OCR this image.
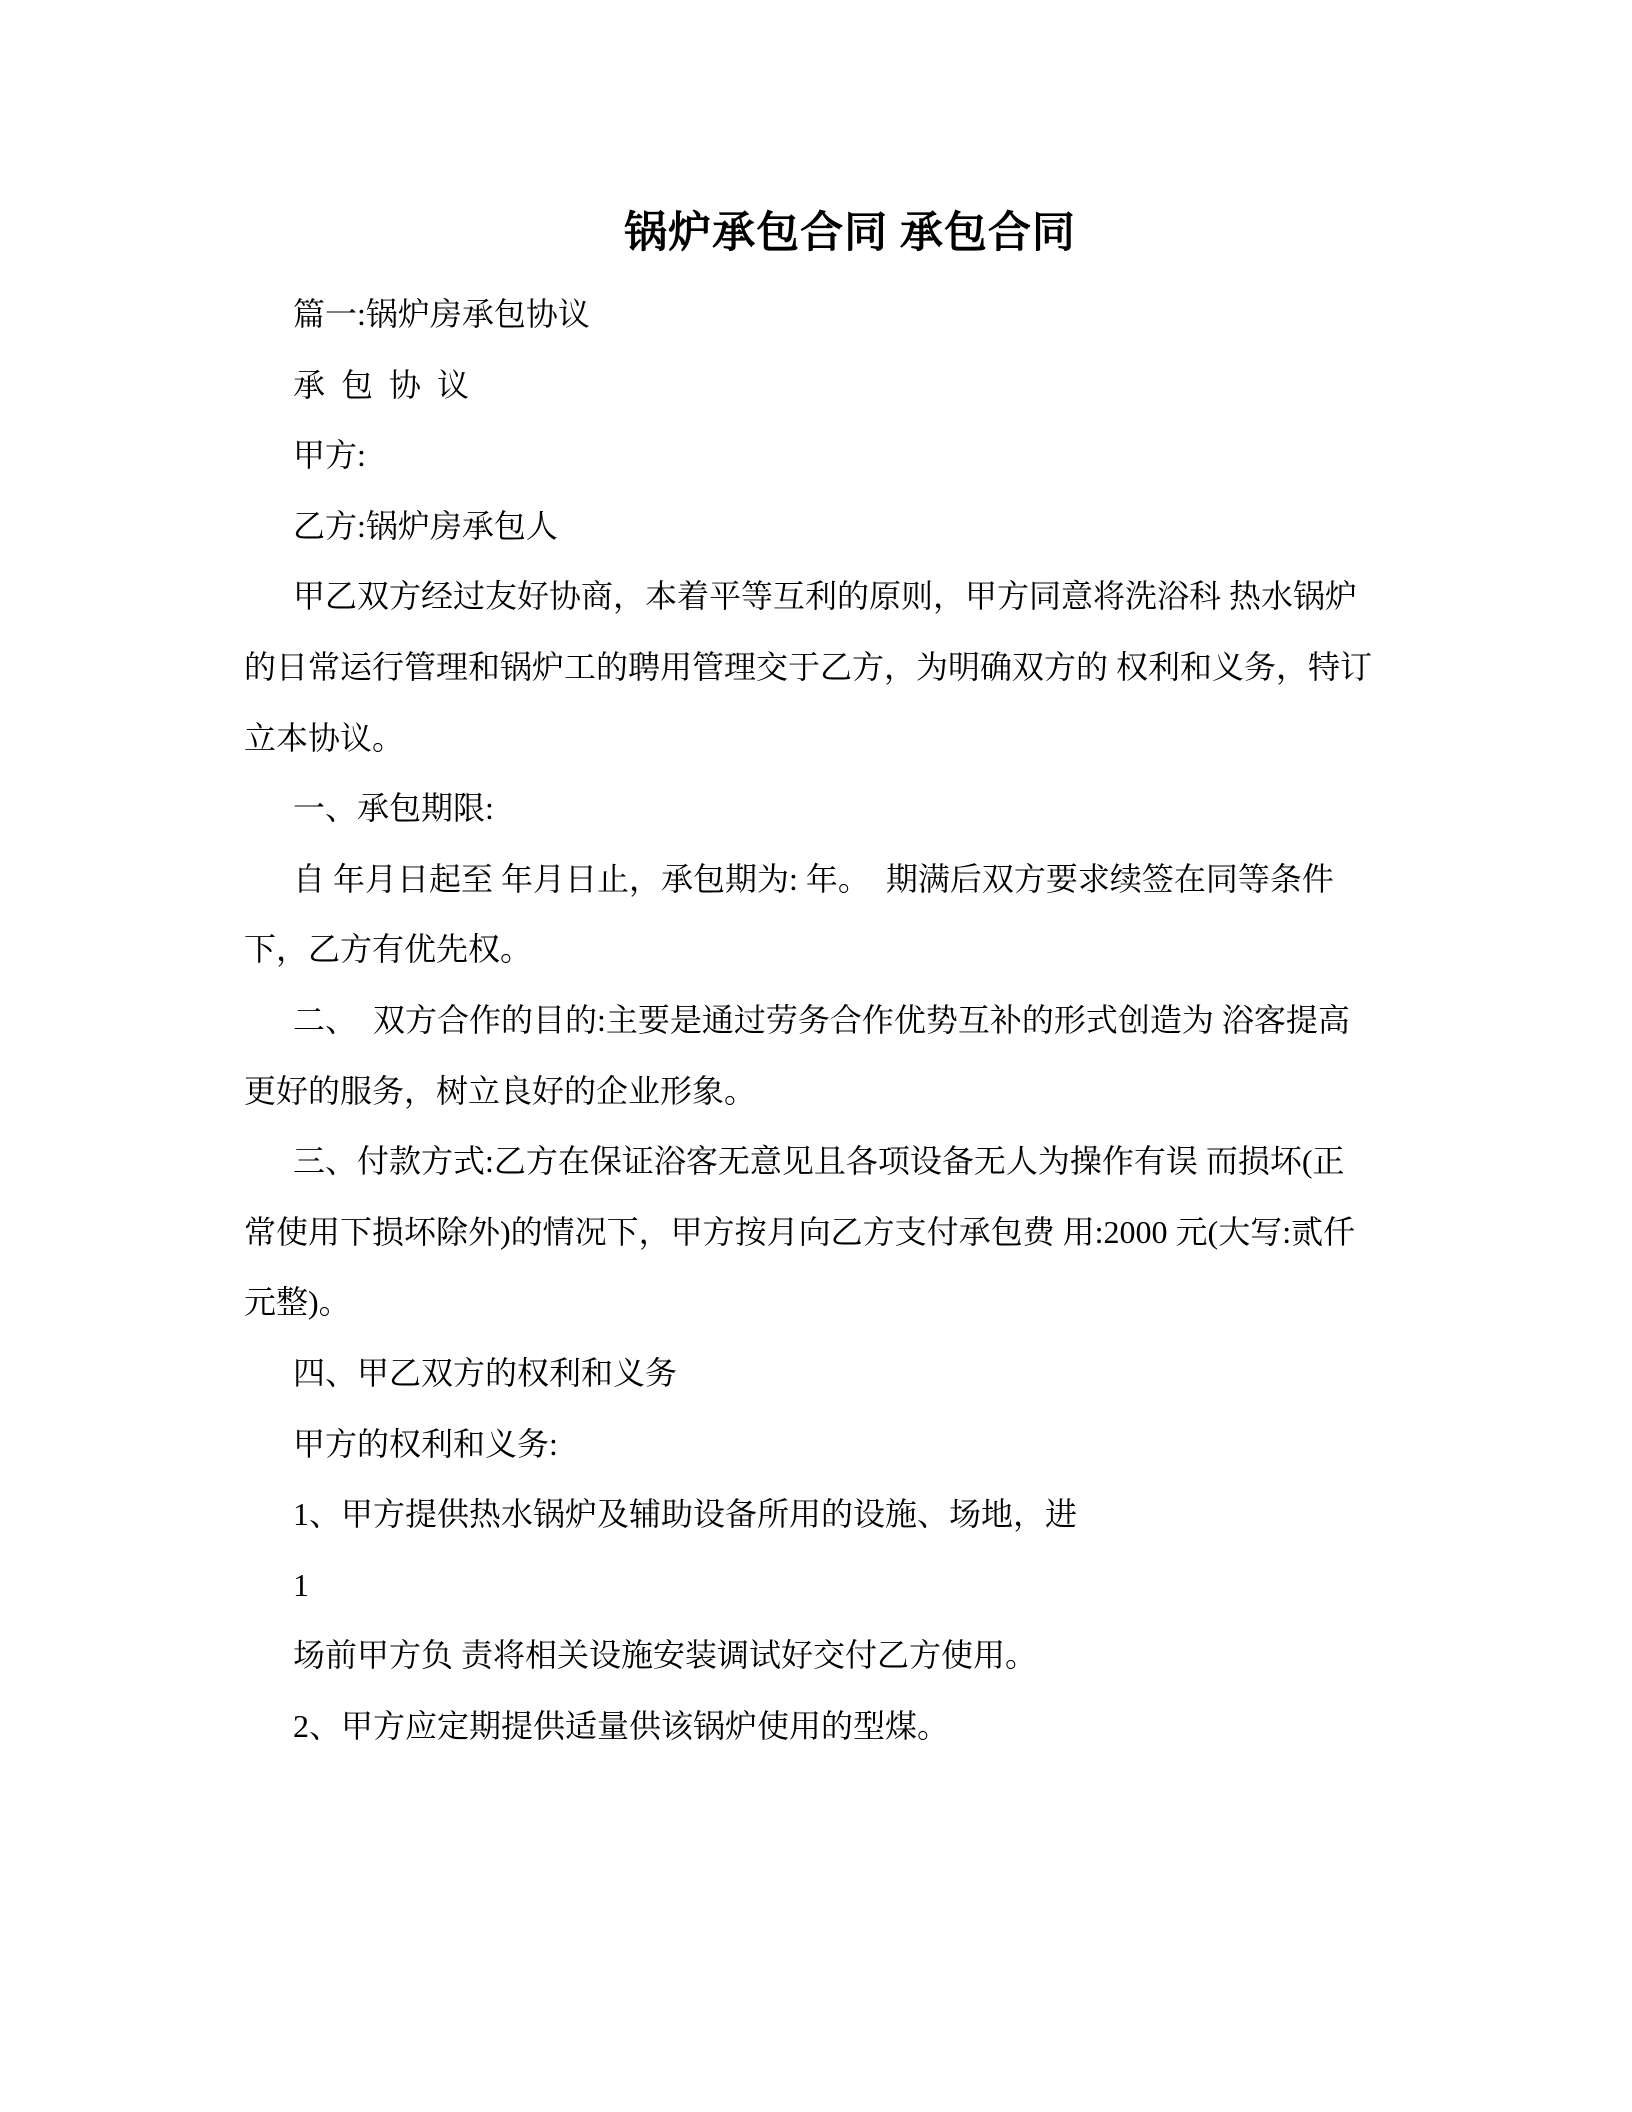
锅炉承包合同 承包合同
篇一:锅炉房承包协议
承  包  协  议
甲方:
乙方:锅炉房承包人
甲乙双方经过友好协商，本着平等互利的原则，甲方同意将洗浴科 热水锅炉
的日常运行管理和锅炉工的聘用管理交于乙方，为明确双方的 权利和义务，特订
立本协议。
一、承包期限:
自 年月日起至 年月日止，承包期为: 年。  期满后双方要求续签在同等条件
下，乙方有优先权。
二、  双方合作的目的:主要是通过劳务合作优势互补的形式创造为 浴客提高
更好的服务，树立良好的企业形象。
三、付款方式:乙方在保证浴客无意见且各项设备无人为操作有误 而损坏(正
常使用下损坏除外)的情况下，甲方按月向乙方支付承包费 用:2000 元(大写:贰仟
元整)。
四、甲乙双方的权利和义务
甲方的权利和义务:
1、甲方提供热水锅炉及辅助设备所用的设施、场地，进
1
场前甲方负 责将相关设施安装调试好交付乙方使用。
2、甲方应定期提供适量供该锅炉使用的型煤。
